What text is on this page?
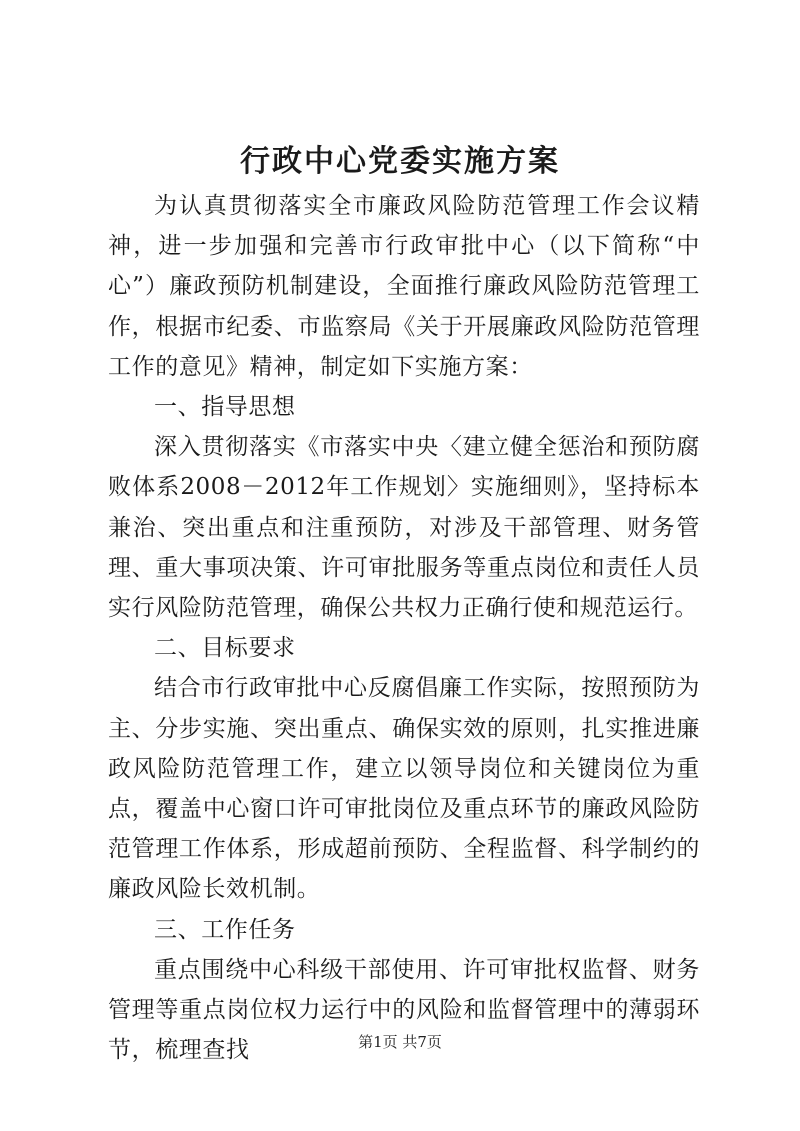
行政中心党委实施方案

为认真贯彻落实全市廉政风险防范管理工作会议精神，进一步加强和完善市行政审批中心（以下简称“中心”）廉政预防机制建设，全面推行廉政风险防范管理工作，根据市纪委、市监察局《关于开展廉政风险防范管理工作的意见》精神，制定如下实施方案：

一、指导思想

深入贯彻落实《市落实中央〈建立健全惩治和预防腐败体系2008－2012年工作规划〉实施细则》，坚持标本兼治、突出重点和注重预防，对涉及干部管理、财务管理、重大事项决策、许可审批服务等重点岗位和责任人员实行风险防范管理，确保公共权力正确行使和规范运行。

二、目标要求

结合市行政审批中心反腐倡廉工作实际，按照预防为主、分步实施、突出重点、确保实效的原则，扎实推进廉政风险防范管理工作，建立以领导岗位和关键岗位为重点，覆盖中心窗口许可审批岗位及重点环节的廉政风险防范管理工作体系，形成超前预防、全程监督、科学制约的廉政风险长效机制。

三、工作任务

重点围绕中心科级干部使用、许可审批权监督、财务管理等重点岗位权力运行中的风险和监督管理中的薄弱环节，梳理查找	第1页 共7页
